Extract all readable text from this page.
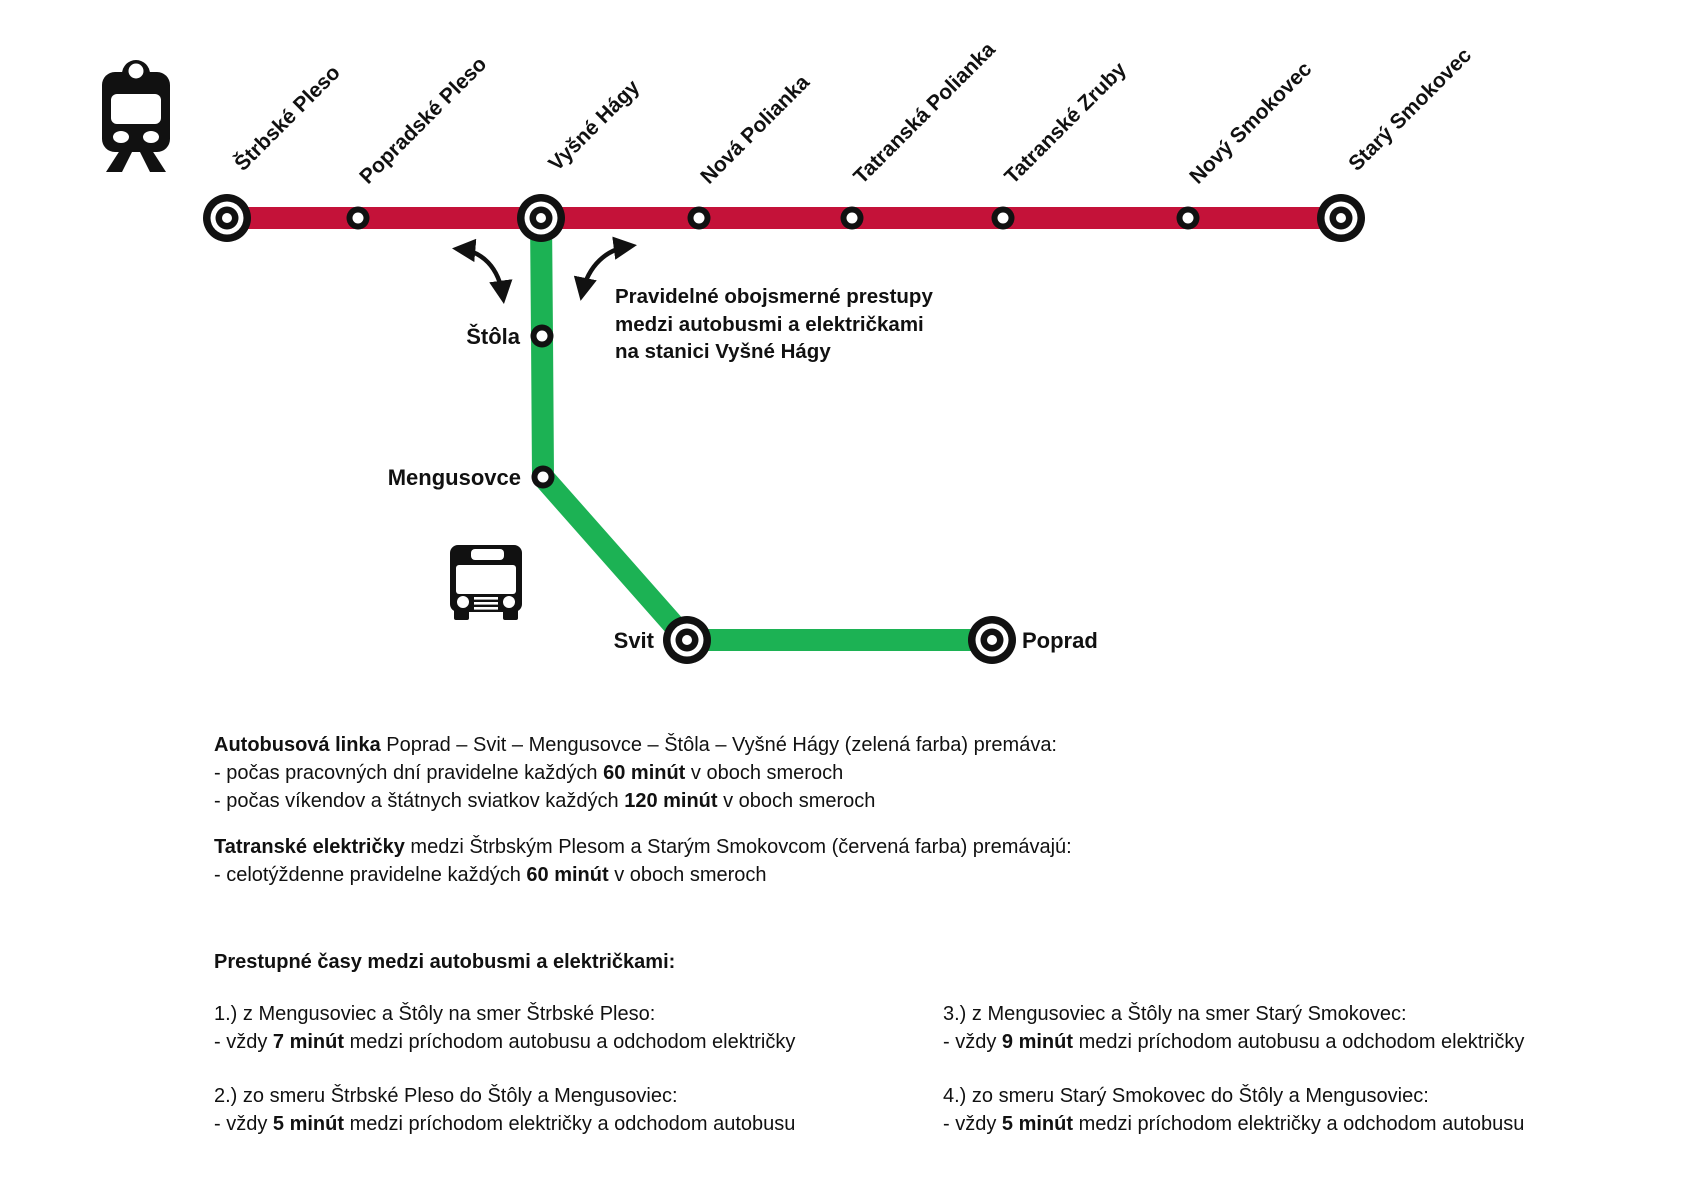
Štrbské Pleso Popradské Pleso	Vyšné Hágy Nová Polianka Tatranská Polianka Tatranské Zruby	Nový Smokovec Starý Smokovec
Štôla
Mengusovce
Svit	Poprad
Pravidelné obojsmerné prestupy
medzi autobusmi a električkami
na stanici Vyšné Hágy
Autobusová linka Poprad – Svit – Mengusovce – Štôla – Vyšné Hágy (zelená farba) premáva:
- počas pracovných dní pravidelne každých 60 minút v oboch smeroch
- počas víkendov a štátnych sviatkov každých 120 minút v oboch smeroch
Tatranské električky medzi Štrbským Plesom a Starým Smokovcom (červená farba) premávajú:
- celotýždenne pravidelne každých 60 minút v oboch smeroch
Prestupné časy medzi autobusmi a električkami:
1.) z Mengusoviec a Štôly na smer Štrbské Pleso:
- vždy 7 minút medzi príchodom autobusu a odchodom električky
2.) zo smeru Štrbské Pleso do Štôly a Mengusoviec:
- vždy 5 minút medzi príchodom električky a odchodom autobusu
3.) z Mengusoviec a Štôly na smer Starý Smokovec:
- vždy 9 minút medzi príchodom autobusu a odchodom električky
4.) zo smeru Starý Smokovec do Štôly a Mengusoviec:
- vždy 5 minút medzi príchodom električky a odchodom autobusu
